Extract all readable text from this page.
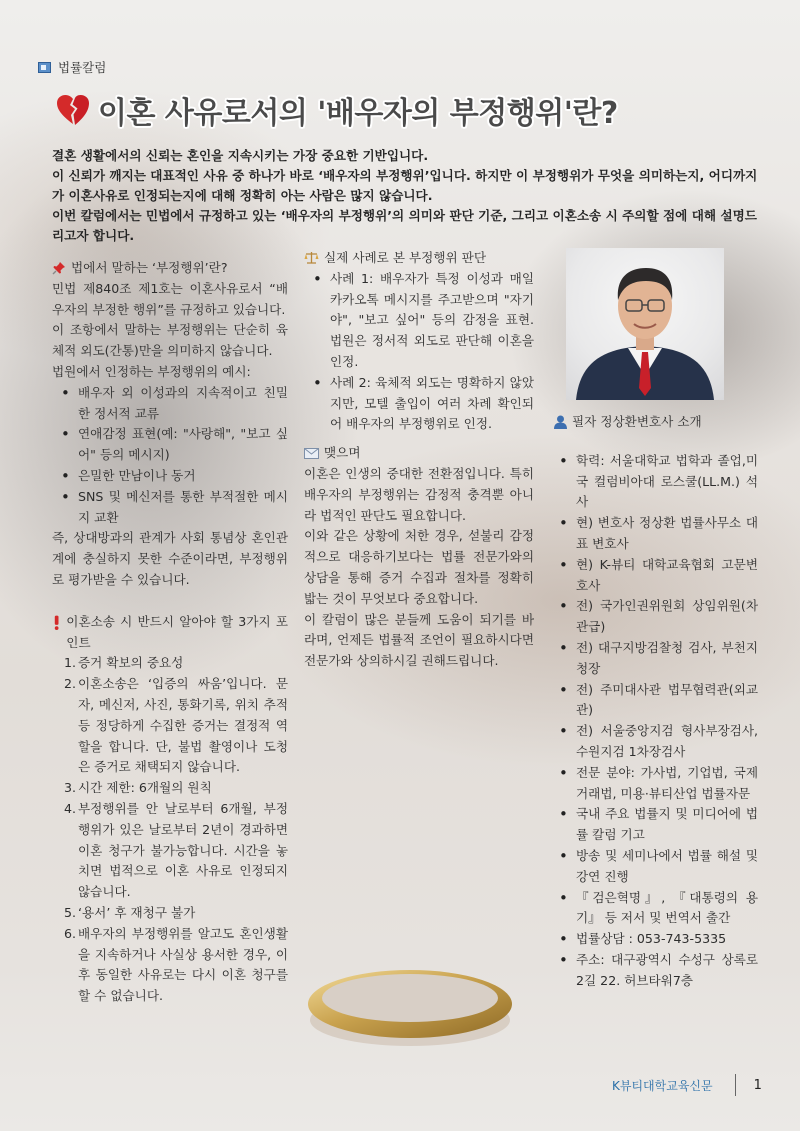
법률칼럼
이혼 사유로서의 '배우자의 부정행위'란?

결혼 생활에서의 신뢰는 혼인을 지속시키는 가장 중요한 기반입니다.

이 신뢰가 깨지는 대표적인 사유 중 하나가 바로 ‘배우자의 부정행위’입니다. 하지만 이 부정행위가 무엇을 의미하는지, 어디까지가 이혼사유로 인정되는지에 대해 정확히 아는 사람은 많지 않습니다.

이번 칼럼에서는 민법에서 규정하고 있는 ‘배우자의 부정행위’의 의미와 판단 기준, 그리고 이혼소송 시 주의할 점에 대해 설명드리고자 합니다.

법에서 말하는 ‘부정행위’란?

민법 제840조 제1호는 이혼사유로서 “배우자의 부정한 행위”를 규정하고 있습니다.

이 조항에서 말하는 부정행위는 단순히 육체적 외도(간통)만을 의미하지 않습니다.

법원에서 인정하는 부정행위의 예시:

• 배우자 외 이성과의 지속적이고 친밀한 정서적 교류
• 연애감정 표현(예: "사랑해", "보고 싶어" 등의 메시지)
• 은밀한 만남이나 동거
• SNS 및 메신저를 통한 부적절한 메시지 교환

즉, 상대방과의 관계가 사회 통념상 혼인관계에 충실하지 못한 수준이라면, 부정행위로 평가받을 수 있습니다.

이혼소송 시 반드시 알아야 할 3가지 포인트
1. 증거 확보의 중요성
2. 이혼소송은 ‘입증의 싸움’입니다. 문자, 메신저, 사진, 통화기록, 위치 추적 등 정당하게 수집한 증거는 결정적 역할을 합니다. 단, 불법 촬영이나 도청은 증거로 채택되지 않습니다.
3. 시간 제한: 6개월의 원칙
4. 부정행위를 안 날로부터 6개월, 부정행위가 있은 날로부터 2년이 경과하면 이혼 청구가 불가능합니다. 시간을 놓치면 법적으로 이혼 사유로 인정되지 않습니다.
5. ‘용서’ 후 재청구 불가
6. 배우자의 부정행위를 알고도 혼인생활을 지속하거나 사실상 용서한 경우, 이후 동일한 사유로는 다시 이혼 청구를 할 수 없습니다.
실제 사례로 본 부정행위 판단
• 사례 1: 배우자가 특정 이성과 매일 카카오톡 메시지를 주고받으며 "자기야", "보고 싶어" 등의 감정을 표현. 법원은 정서적 외도로 판단해 이혼을 인정.
• 사례 2: 육체적 외도는 명확하지 않았지만, 모텔 출입이 여러 차례 확인되어 배우자의 부정행위로 인정.
맺으며

이혼은 인생의 중대한 전환점입니다. 특히 배우자의 부정행위는 감정적 충격뿐 아니라 법적인 판단도 필요합니다.

이와 같은 상황에 처한 경우, 섣불리 감정적으로 대응하기보다는 법률 전문가와의 상담을 통해 증거 수집과 절차를 정확히 밟는 것이 무엇보다 중요합니다.

이 칼럼이 많은 분들께 도움이 되기를 바라며, 언제든 법률적 조언이 필요하시다면 전문가와 상의하시길 권해드립니다.

필자 정상환변호사 소개
• 학력: 서울대학교 법학과 졸업,미국 컬럼비아대 로스쿨(LL.M.) 석사
• 현) 변호사 정상환 법률사무소 대표 변호사
• 현) K-뷰티 대학교육협회 고문변호사
• 전) 국가인권위원회 상임위원(차관급)
• 전) 대구지방검찰청 검사, 부천지청장
• 전) 주미대사관 법무협력관(외교관)
• 전) 서울중앙지검 형사부장검사, 수원지검 1차장검사
• 전문 분야: 가사법, 기업법, 국제거래법, 미용·뷰티산업 법률자문
• 국내 주요 법률지 및 미디어에 법률 칼럼 기고
• 방송 및 세미나에서 법률 해설 및 강연 진행
• 『검은혁명』, 『대통령의 용기』 등 저서 및 번역서 출간
• 법률상담 : 053-743-5335
• 주소: 대구광역시 수성구 상록로2길 22. 허브타워7층
K뷰티대학교육신문	1
